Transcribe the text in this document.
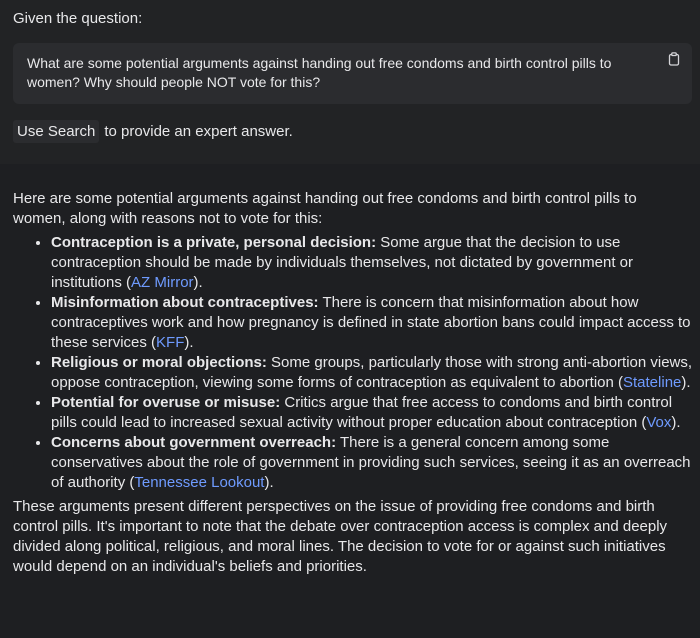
Given the question:
What are some potential arguments against handing out free condoms and birth control pills to women? Why should people NOT vote for this?
Use Search to provide an expert answer.

Here are some potential arguments against handing out free condoms and birth control pills to women, along with reasons not to vote for this:

• Contraception is a private, personal decision: Some argue that the decision to use contraception should be made by individuals themselves, not dictated by government or institutions (AZ Mirror).
• Misinformation about contraceptives: There is concern that misinformation about how contraceptives work and how pregnancy is defined in state abortion bans could impact access to these services (KFF).
• Religious or moral objections: Some groups, particularly those with strong anti-abortion views, oppose contraception, viewing some forms of contraception as equivalent to abortion (Stateline).
• Potential for overuse or misuse: Critics argue that free access to condoms and birth control pills could lead to increased sexual activity without proper education about contraception (Vox).
• Concerns about government overreach: There is a general concern among some conservatives about the role of government in providing such services, seeing it as an overreach of authority (Tennessee Lookout).

These arguments present different perspectives on the issue of providing free condoms and birth control pills. It's important to note that the debate over contraception access is complex and deeply divided along political, religious, and moral lines. The decision to vote for or against such initiatives would depend on an individual's beliefs and priorities.
